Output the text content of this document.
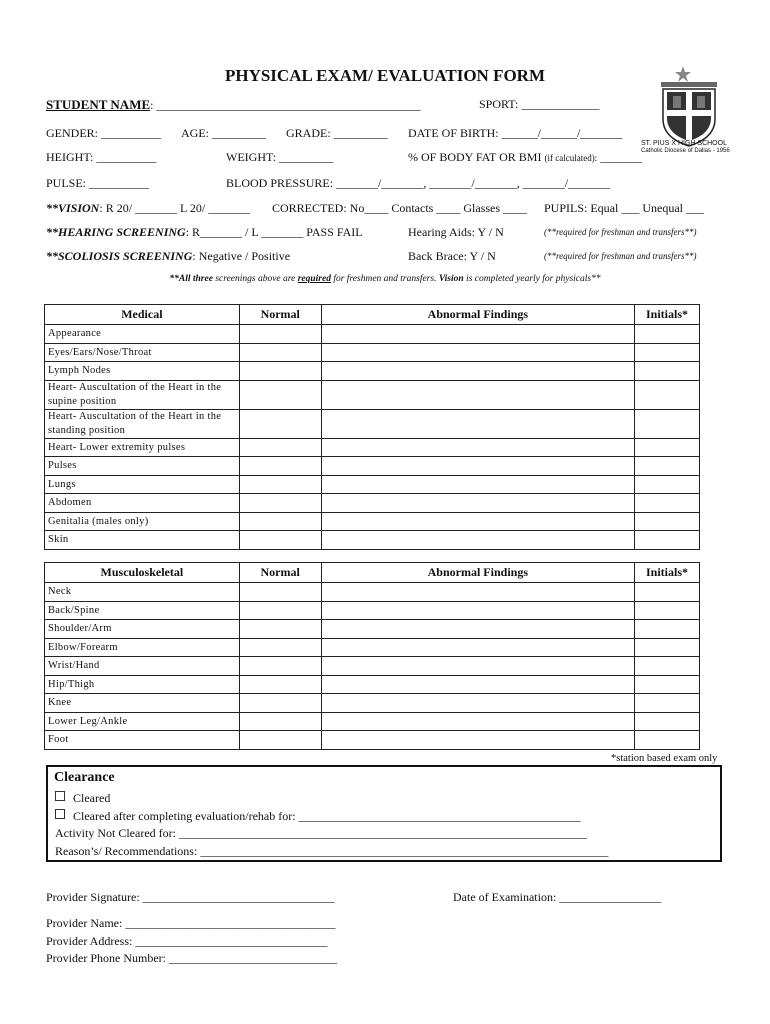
ST. PIUS X HIGH SCHOOL
Catholic Diocese of Dallas - 1956
PHYSICAL EXAM/ EVALUATION FORM
STUDENT NAME: ____________________________________________	SPORT: _____________
GENDER: __________ AGE: _________ GRADE: _________ DATE OF BIRTH: ______/______/_______
HEIGHT: __________	WEIGHT: _________	% OF BODY FAT OR BMI (if calculated): _______
PULSE: __________	BLOOD PRESSURE: _______/_______, _______/_______, _______/_______
**VISION: R 20/ _______ L 20/ _______ CORRECTED: No____ Contacts ____ Glasses ____ PUPILS: Equal ___ Unequal ___
**HEARING SCREENING: R_______ / L _______ PASS FAIL	Hearing Aids: Y / N	(**required for freshman and transfers**)
**SCOLIOSIS SCREENING: Negative / Positive	Back Brace: Y / N	(**required for freshman and transfers**)
**All three screenings above are required for freshmen and transfers. Vision is completed yearly for physicals**
Medical	Normal	Abnormal Findings	Initials*
Appearance			
Eyes/Ears/Nose/Throat			
Lymph Nodes			
Heart- Auscultation of the Heart in the supine position			
Heart- Auscultation of the Heart in the standing position			
Heart- Lower extremity pulses			
Pulses			
Lungs			
Abdomen			
Genitalia (males only)			
Skin			
Musculoskeletal	Normal	Abnormal Findings	Initials*
Neck			
Back/Spine			
Shoulder/Arm			
Elbow/Forearm			
Wrist/Hand			
Hip/Thigh			
Knee			
Lower Leg/Ankle			
Foot			
*station based exam only
Clearance
Cleared
Cleared after completing evaluation/rehab for: _______________________________________________
Activity Not Cleared for: ____________________________________________________________________
Reason’s/ Recommendations: ____________________________________________________________________
Provider Signature: ________________________________	Date of Examination: _________________
Provider Name: ___________________________________
Provider Address: ________________________________
Provider Phone Number: ____________________________
